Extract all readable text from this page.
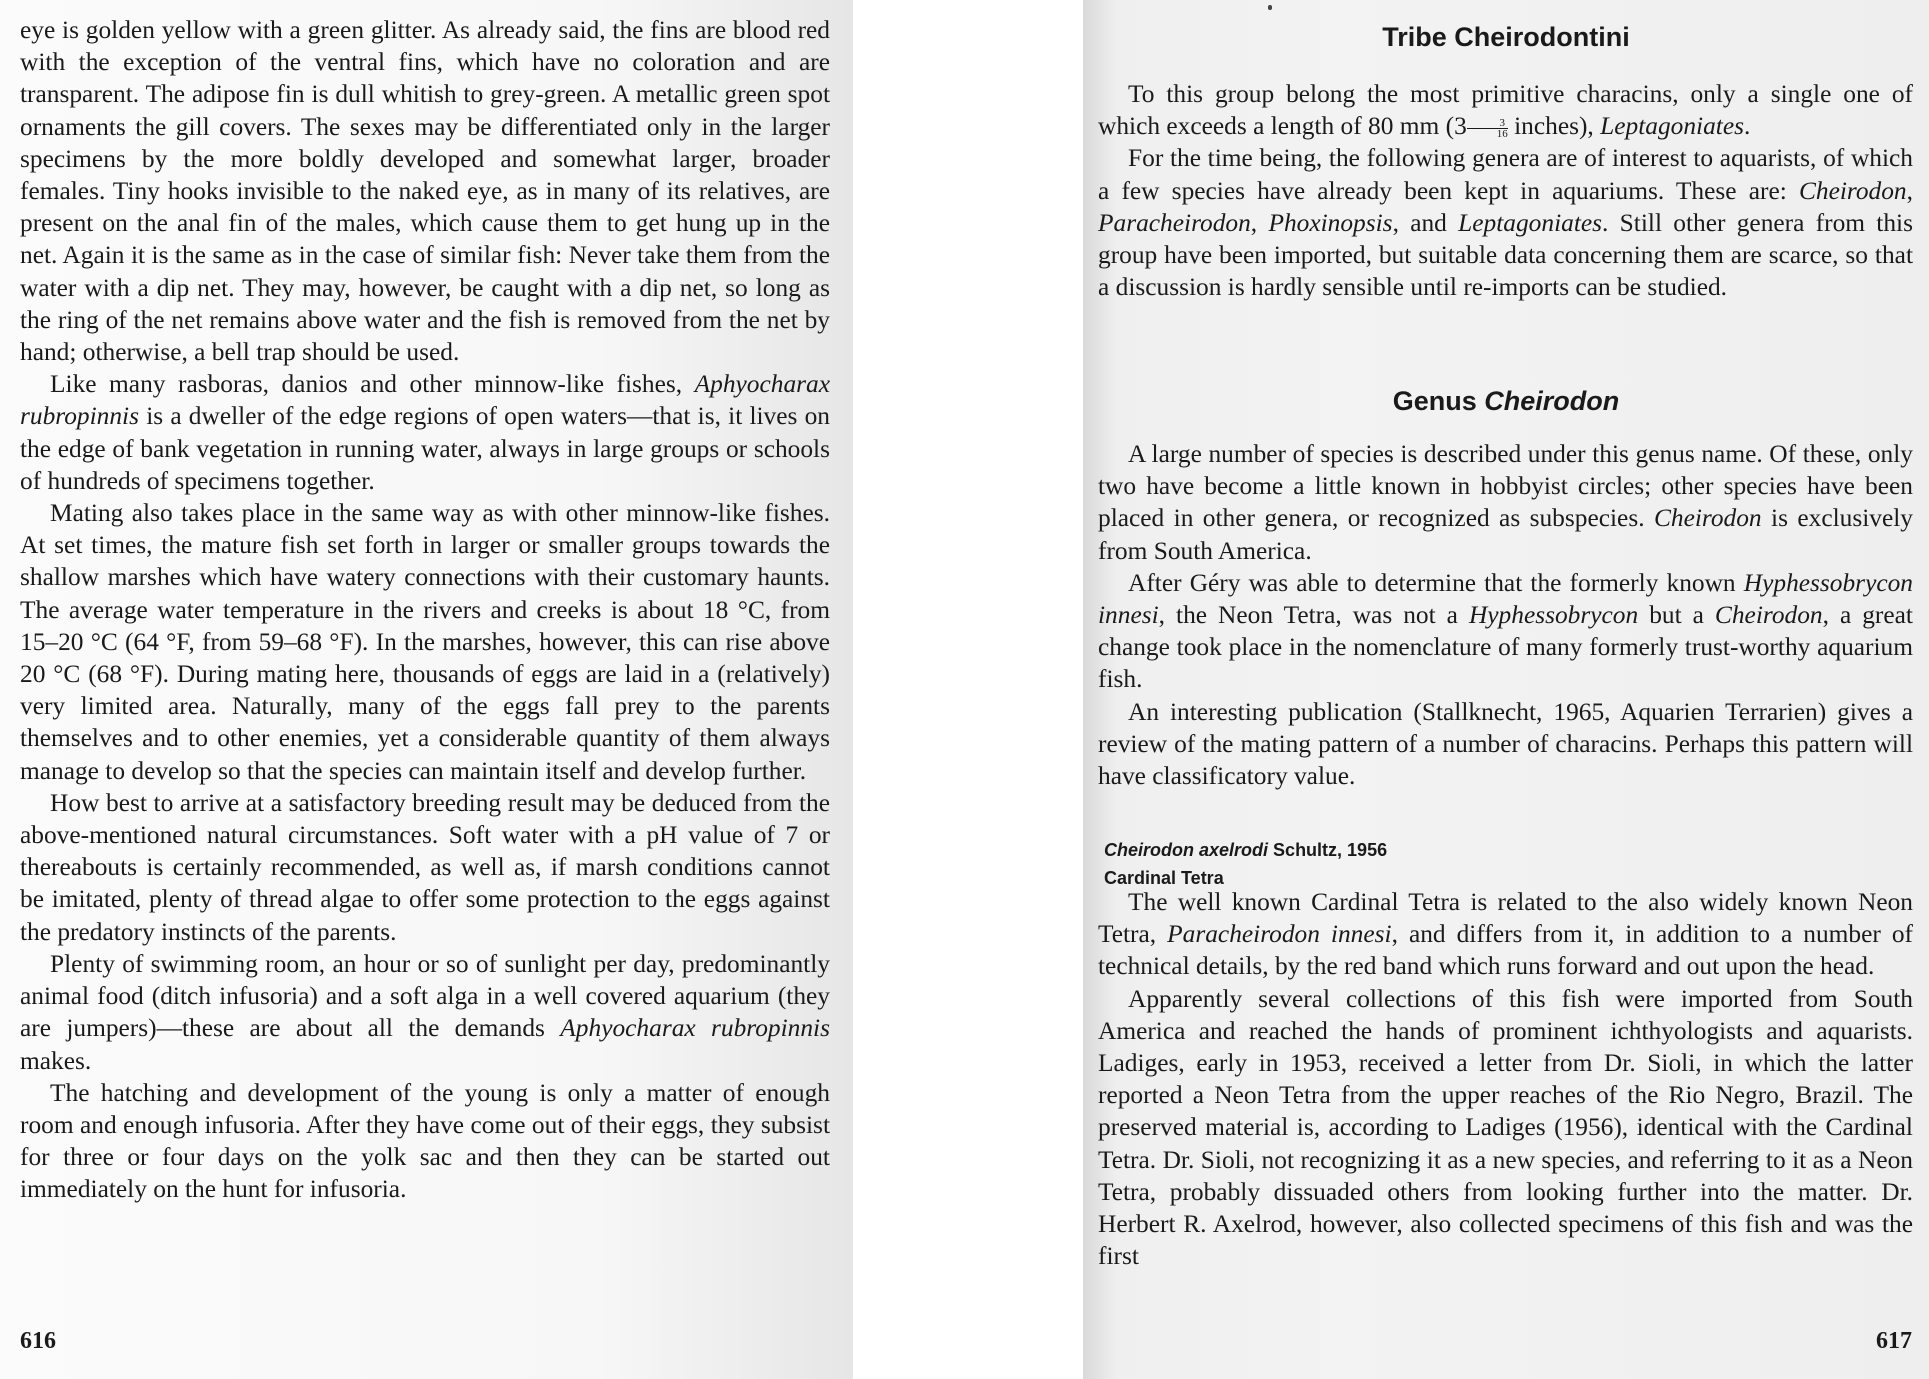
eye is golden yellow with a green glitter. As already said, the fins are blood red with the exception of the ventral fins, which have no coloration and are transparent. The adipose fin is dull whitish to grey-green. A metallic green spot ornaments the gill covers. The sexes may be differentiated only in the larger specimens by the more boldly developed and somewhat larger, broader females. Tiny hooks invisible to the naked eye, as in many of its relatives, are present on the anal fin of the males, which cause them to get hung up in the net. Again it is the same as in the case of similar fish: Never take them from the water with a dip net. They may, however, be caught with a dip net, so long as the ring of the net remains above water and the fish is removed from the net by hand; otherwise, a bell trap should be used.

Like many rasboras, danios and other minnow-like fishes, Aphyocharax rubropinnis is a dweller of the edge regions of open waters—that is, it lives on the edge of bank vegetation in running water, always in large groups or schools of hundreds of specimens together.

Mating also takes place in the same way as with other minnow-like fishes. At set times, the mature fish set forth in larger or smaller groups towards the shallow marshes which have watery connections with their customary haunts. The average water temperature in the rivers and creeks is about 18 °C, from 15–20 °C (64 °F, from 59–68 °F). In the marshes, however, this can rise above 20 °C (68 °F). During mating here, thousands of eggs are laid in a (relatively) very limited area. Naturally, many of the eggs fall prey to the parents themselves and to other enemies, yet a considerable quantity of them always manage to develop so that the species can maintain itself and develop further.

How best to arrive at a satisfactory breeding result may be deduced from the above-mentioned natural circumstances. Soft water with a pH value of 7 or thereabouts is certainly recommended, as well as, if marsh conditions cannot be imitated, plenty of thread algae to offer some protection to the eggs against the predatory instincts of the parents.

Plenty of swimming room, an hour or so of sunlight per day, predominantly animal food (ditch infusoria) and a soft alga in a well covered aquarium (they are jumpers)—these are about all the demands Aphyocharax rubropinnis makes.

The hatching and development of the young is only a matter of enough room and enough infusoria. After they have come out of their eggs, they subsist for three or four days on the yolk sac and then they can be started out immediately on the hunt for infusoria.

Tribe Cheirodontini

To this group belong the most primitive characins, only a single one of which exceeds a length of 80 mm ($3 \frac{3}{16}$ inches), Leptagoniates.

For the time being, the following genera are of interest to aquarists, of which a few species have already been kept in aquariums. These are: Cheirodon, Paracheirodon, Phoxinopsis, and Leptagoniates. Still other genera from this group have been imported, but suitable data concerning them are scarce, so that a discussion is hardly sensible until re-imports can be studied.

Genus Cheirodon

A large number of species is described under this genus name. Of these, only two have become a little known in hobbyist circles; other species have been placed in other genera, or recognized as subspecies. Cheirodon is exclusively from South America.

After Géry was able to determine that the formerly known Hyphessobrycon innesi, the Neon Tetra, was not a Hyphessobrycon but a Cheirodon, a great change took place in the nomenclature of many formerly trust-worthy aquarium fish.

An interesting publication (Stallknecht, 1965, Aquarien Terrarien) gives a review of the mating pattern of a number of characins. Perhaps this pattern will have classificatory value.

Cheirodon axelrodi Schultz, 1956
Cardinal Tetra

The well known Cardinal Tetra is related to the also widely known Neon Tetra, Paracheirodon innesi, and differs from it, in addition to a number of technical details, by the red band which runs forward and out upon the head.

Apparently several collections of this fish were imported from South America and reached the hands of prominent ichthyologists and aquarists. Ladiges, early in 1953, received a letter from Dr. Sioli, in which the latter reported a Neon Tetra from the upper reaches of the Rio Negro, Brazil. The preserved material is, according to Ladiges (1956), identical with the Cardinal Tetra. Dr. Sioli, not recognizing it as a new species, and referring to it as a Neon Tetra, probably dissuaded others from looking further into the matter. Dr. Herbert R. Axelrod, however, also collected specimens of this fish and was the first

616	617
